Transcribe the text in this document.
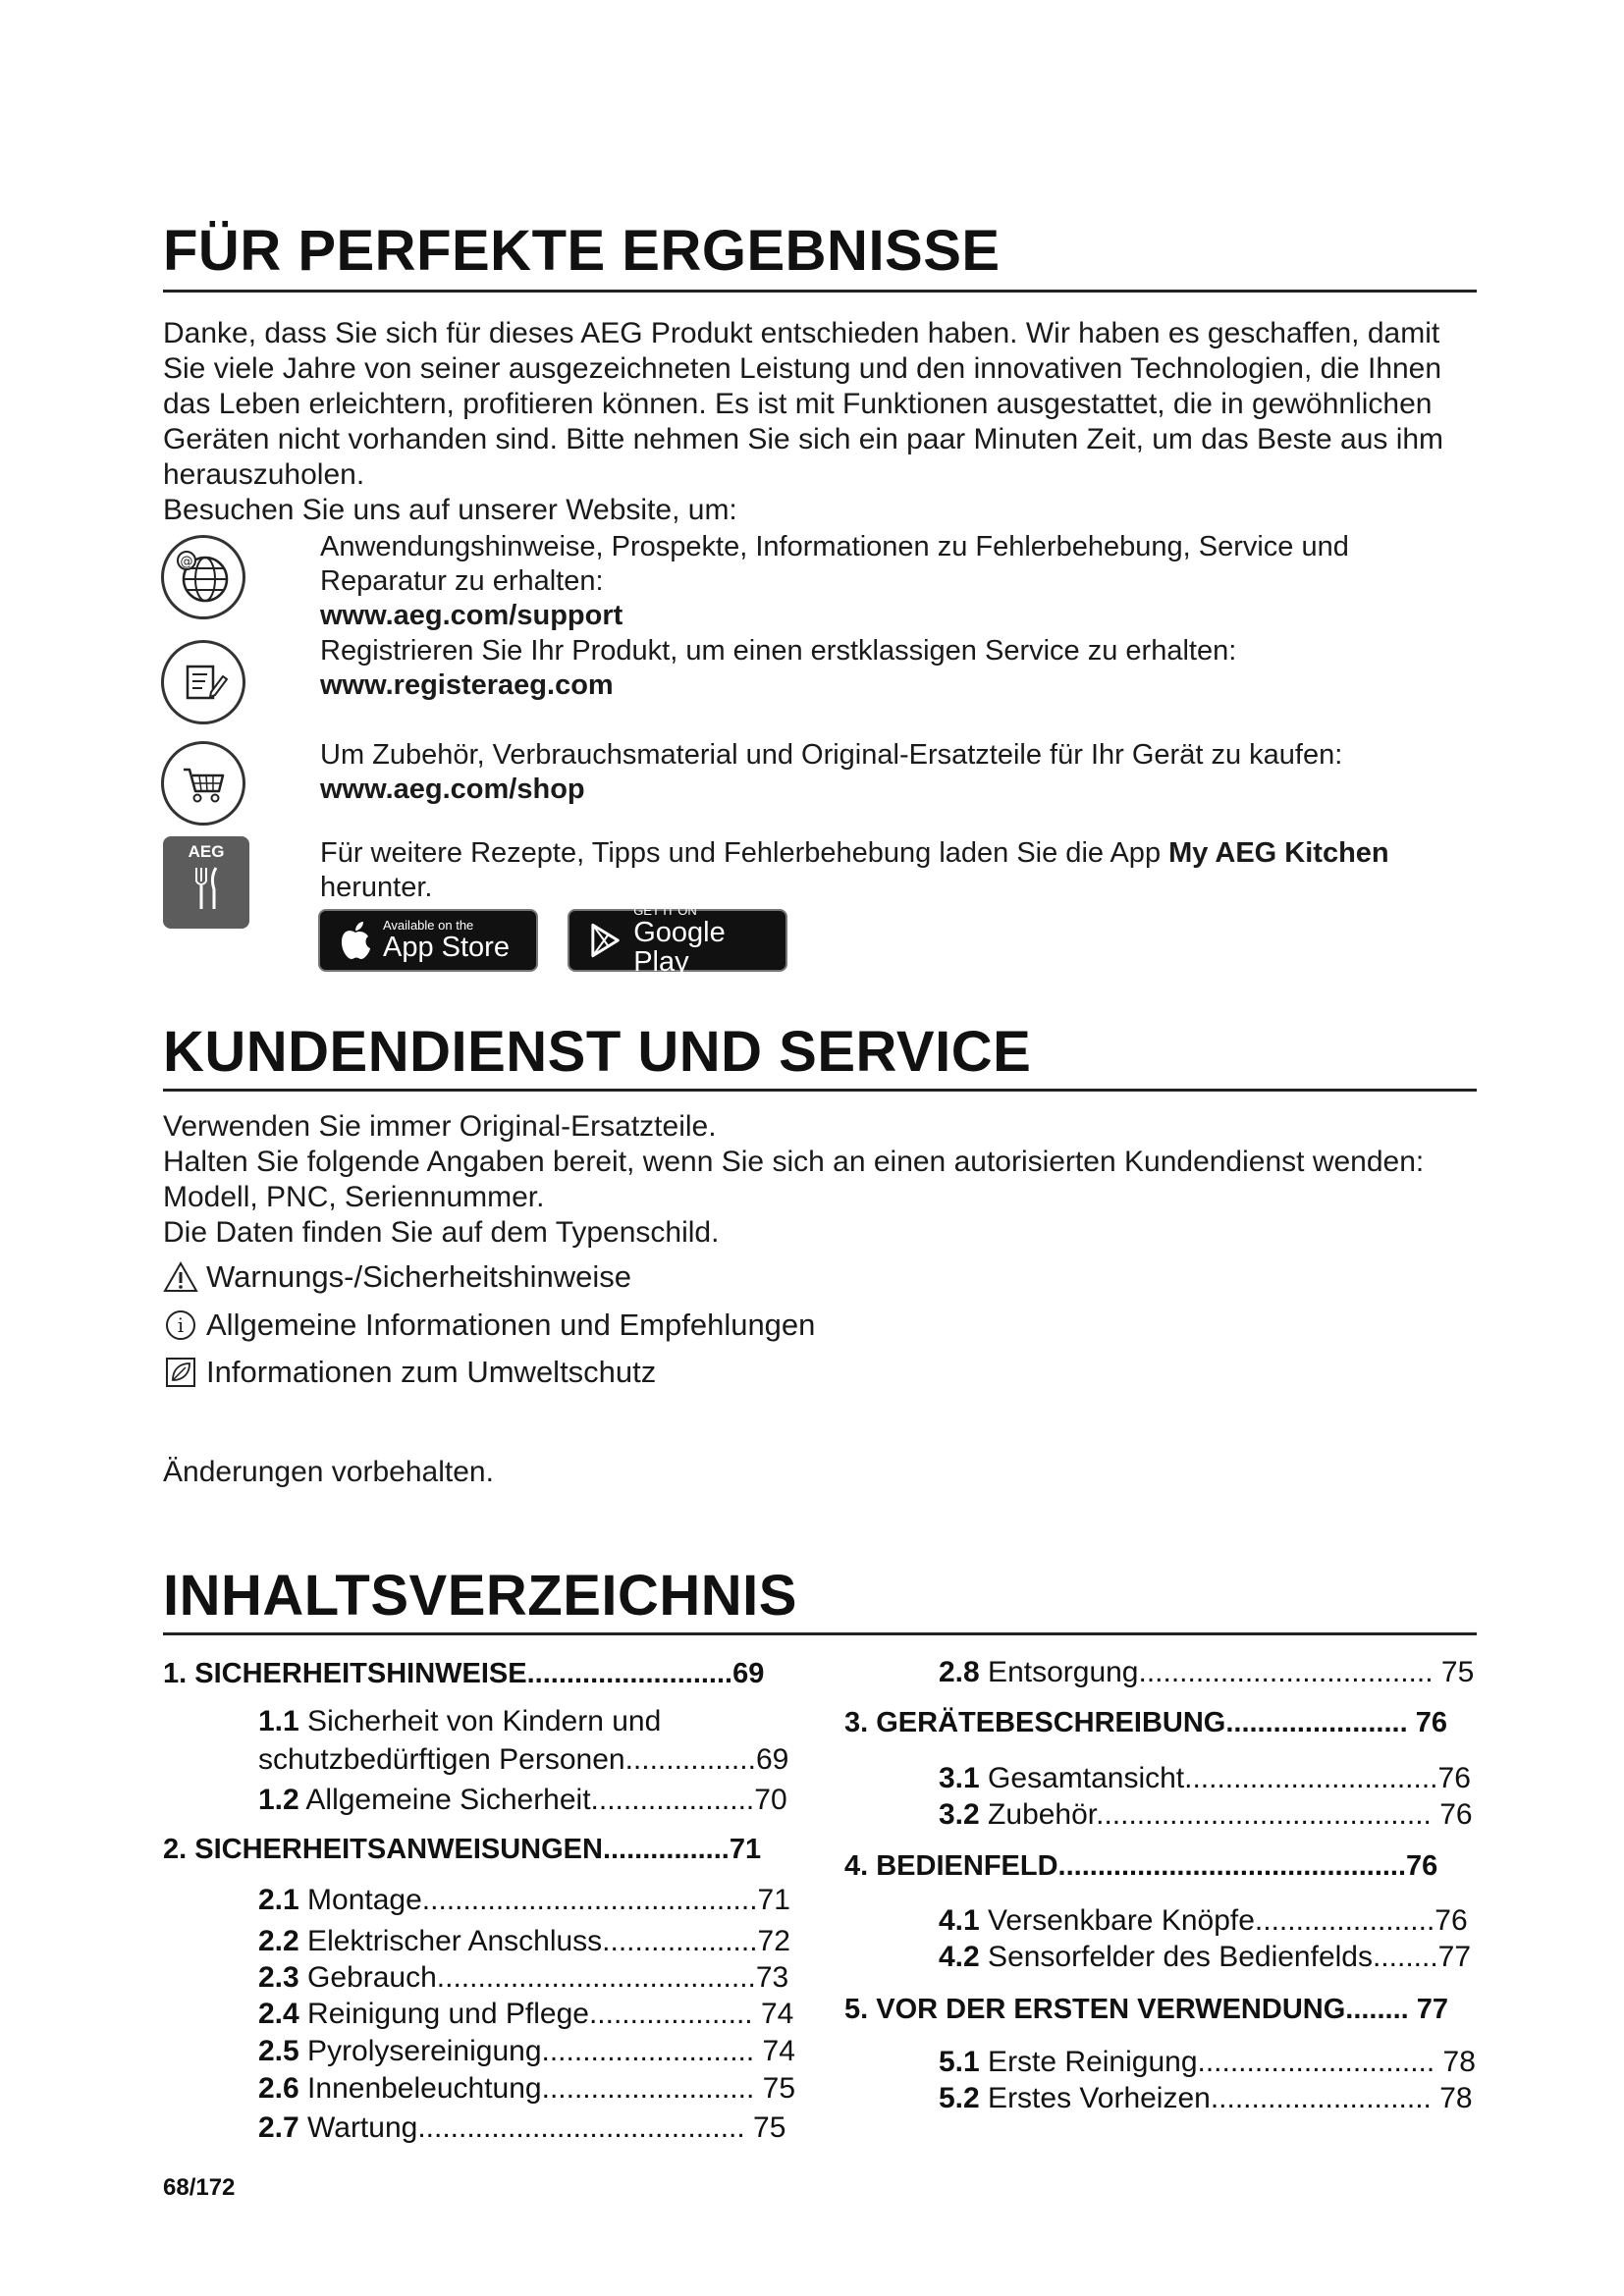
FÜR PERFEKTE ERGEBNISSE

Danke, dass Sie sich für dieses AEG Produkt entschieden haben. Wir haben es geschaffen, damit Sie viele Jahre von seiner ausgezeichneten Leistung und den innovativen Technologien, die Ihnen das Leben erleichtern, profitieren können. Es ist mit Funktionen ausgestattet, die in gewöhnlichen Geräten nicht vorhanden sind. Bitte nehmen Sie sich ein paar Minuten Zeit, um das Beste aus ihm herauszuholen.

Besuchen Sie uns auf unserer Website, um:

@	Anwendungshinweise, Prospekte, Informationen zu Fehlerbehebung, Service und Reparatur zu erhalten:
www.aeg.com/support
Registrieren Sie Ihr Produkt, um einen erstklassigen Service zu erhalten:
www.registeraeg.com
Um Zubehör, Verbrauchsmaterial und Original-Ersatzteile für Ihr Gerät zu kaufen:
www.aeg.com/shop
AEG	Für weitere Rezepte, Tipps und Fehlerbehebung laden Sie die App My AEG Kitchen
herunter.
Available on the
App Store
GET IT ON
Google Play
KUNDENDIENST UND SERVICE

Verwenden Sie immer Original-Ersatzteile.

Halten Sie folgende Angaben bereit, wenn Sie sich an einen autorisierten Kundendienst wenden: Modell, PNC, Seriennummer.

Die Daten finden Sie auf dem Typenschild.

Warnungs-/Sicherheitshinweise
i Allgemeine Informationen und Empfehlungen
Informationen zum Umweltschutz

Änderungen vorbehalten.

INHALTSVERZEICHNIS
1. SICHERHEITSHINWEISE..........................69
1.1 Sicherheit von Kindern und
schutzbedürftigen Personen................69
1.2 Allgemeine Sicherheit....................70
2. SICHERHEITSANWEISUNGEN................71
2.1 Montage.........................................71
2.2 Elektrischer Anschluss...................72
2.3 Gebrauch.......................................73
2.4 Reinigung und Pflege.................... 74
2.5 Pyrolysereinigung.......................... 74
2.6 Innenbeleuchtung.......................... 75
2.7 Wartung........................................ 75
2.8 Entsorgung.................................... 75
3. GERÄTEBESCHREIBUNG....................... 76
3.1 Gesamtansicht...............................76
3.2 Zubehör......................................... 76
4. BEDIENFELD............................................76
4.1 Versenkbare Knöpfe......................76
4.2 Sensorfelder des Bedienfelds........77
5. VOR DER ERSTEN VERWENDUNG........ 77
5.1 Erste Reinigung............................. 78
5.2 Erstes Vorheizen........................... 78
68/172
